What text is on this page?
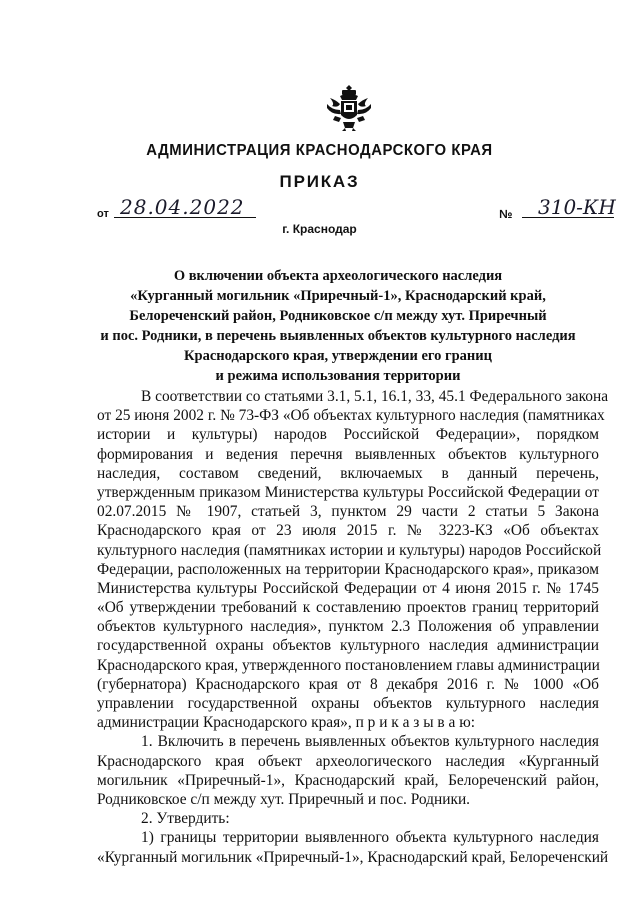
АДМИНИСТРАЦИЯ КРАСНОДАРСКОГО КРАЯ
ПРИКАЗ
от 28.04.2022	№ 310-КН
г. Краснодар
О включении объекта археологического наследия
«Курганный могильник «Приречный-1», Краснодарский край,
Белореченский район, Родниковское с/п между хут. Приречный
и пос. Родники, в перечень выявленных объектов культурного наследия
Краснодарского края, утверждении его границ
и режима использования территории
В соответствии со статьями 3.1, 5.1, 16.1, 33, 45.1 Федерального закона
от 25 июня 2002 г. № 73-ФЗ «Об объектах культурного наследия (памятниках
истории и культуры) народов Российской Федерации», порядком
формирования и ведения перечня выявленных объектов культурного
наследия, составом сведений, включаемых в данный перечень,
утвержденным приказом Министерства культуры Российской Федерации от
02.07.2015 № 1907, статьей 3, пунктом 29 части 2 статьи 5 Закона
Краснодарского края от 23 июля 2015 г. № 3223-КЗ «Об объектах
культурного наследия (памятниках истории и культуры) народов Российской
Федерации, расположенных на территории Краснодарского края», приказом
Министерства культуры Российской Федерации от 4 июня 2015 г. № 1745
«Об утверждении требований к составлению проектов границ территорий
объектов культурного наследия», пунктом 2.3 Положения об управлении
государственной охраны объектов культурного наследия администрации
Краснодарского края, утвержденного постановлением главы администрации
(губернатора) Краснодарского края от 8 декабря 2016 г. № 1000 «Об
управлении государственной охраны объектов культурного наследия
администрации Краснодарского края», п р и к а з ы в а ю:
1. Включить в перечень выявленных объектов культурного наследия
Краснодарского края объект археологического наследия «Курганный
могильник «Приречный-1», Краснодарский край, Белореченский район,
Родниковское с/п между хут. Приречный и пос. Родники.
2. Утвердить:
1) границы территории выявленного объекта культурного наследия
«Курганный могильник «Приречный-1», Краснодарский край, Белореченский
